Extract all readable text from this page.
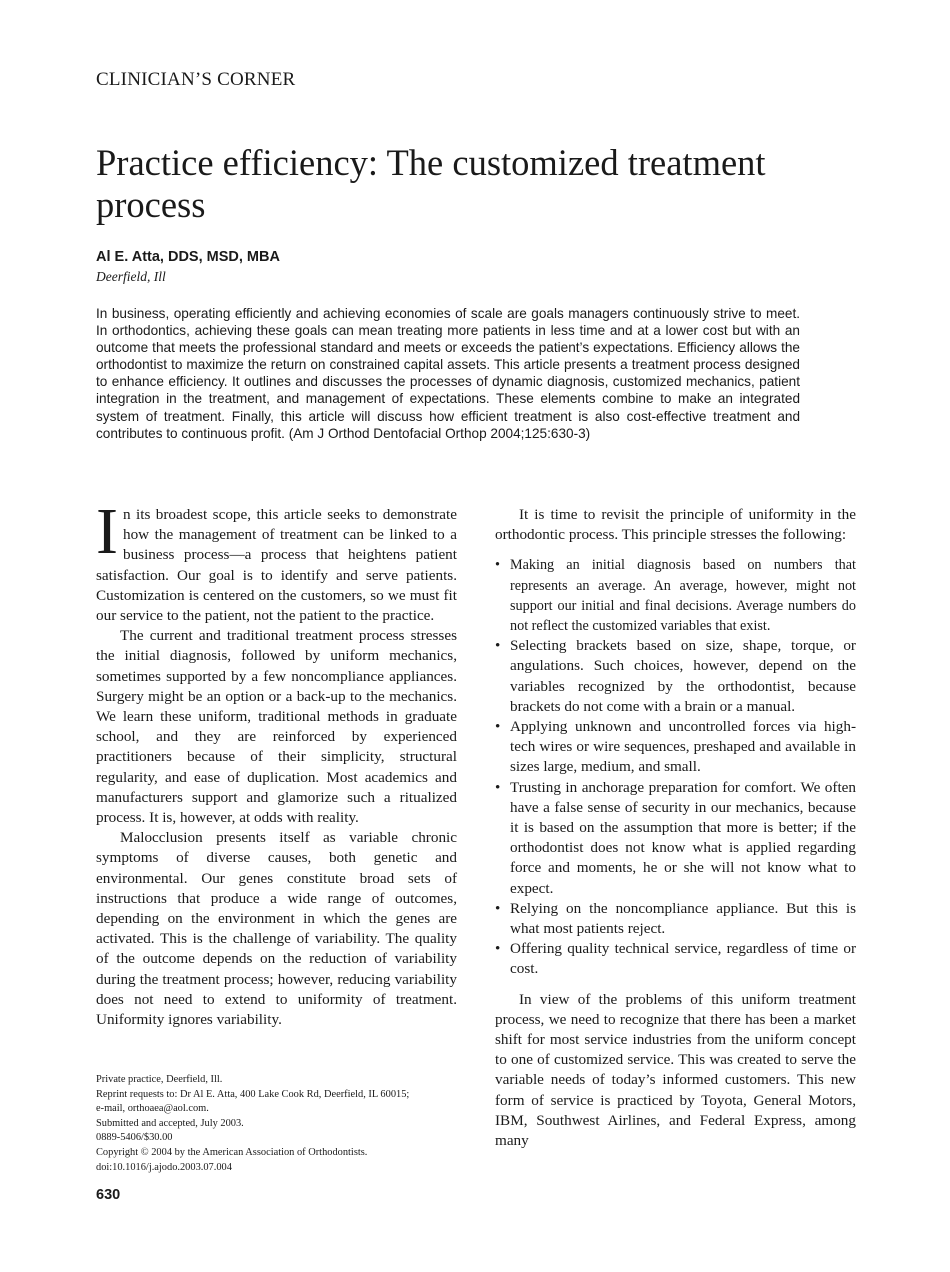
CLINICIAN’S CORNER
Practice efficiency: The customized treatment process
Al E. Atta, DDS, MSD, MBA
Deerfield, Ill

In business, operating efficiently and achieving economies of scale are goals managers continuously strive to meet. In orthodontics, achieving these goals can mean treating more patients in less time and at a lower cost but with an outcome that meets the professional standard and meets or exceeds the patient’s expectations. Efficiency allows the orthodontist to maximize the return on constrained capital assets. This article presents a treatment process designed to enhance efficiency. It outlines and discusses the processes of dynamic diagnosis, customized mechanics, patient integration in the treatment, and management of expectations. These elements combine to make an integrated system of treatment. Finally, this article will discuss how efficient treatment is also cost-effective treatment and contributes to continuous profit. (Am J Orthod Dentofacial Orthop 2004;125:630-3)

In its broadest scope, this article seeks to demonstrate how the management of treatment can be linked to a business process—a process that heightens patient satisfaction. Our goal is to identify and serve patients. Customization is centered on the customers, so we must fit our service to the patient, not the patient to the practice.

The current and traditional treatment process stresses the initial diagnosis, followed by uniform mechanics, sometimes supported by a few noncompliance appliances. Surgery might be an option or a back-up to the mechanics. We learn these uniform, traditional methods in graduate school, and they are reinforced by experienced practitioners because of their simplicity, structural regularity, and ease of duplication. Most academics and manufacturers support and glamorize such a ritualized process. It is, however, at odds with reality.

Malocclusion presents itself as variable chronic symptoms of diverse causes, both genetic and environmental. Our genes constitute broad sets of instructions that produce a wide range of outcomes, depending on the environment in which the genes are activated. This is the challenge of variability. The quality of the outcome depends on the reduction of variability during the treatment process; however, reducing variability does not need to extend to uniformity of treatment. Uniformity ignores variability.

It is time to revisit the principle of uniformity in the orthodontic process. This principle stresses the following:

• Making an initial diagnosis based on numbers that represents an average. An average, however, might not support our initial and final decisions. Average numbers do not reflect the customized variables that exist.
• Selecting brackets based on size, shape, torque, or angulations. Such choices, however, depend on the variables recognized by the orthodontist, because brackets do not come with a brain or a manual.
• Applying unknown and uncontrolled forces via high-tech wires or wire sequences, preshaped and available in sizes large, medium, and small.
• Trusting in anchorage preparation for comfort. We often have a false sense of security in our mechanics, because it is based on the assumption that more is better; if the orthodontist does not know what is applied regarding force and moments, he or she will not know what to expect.
• Relying on the noncompliance appliance. But this is what most patients reject.
• Offering quality technical service, regardless of time or cost.

In view of the problems of this uniform treatment process, we need to recognize that there has been a market shift for most service industries from the uniform concept to one of customized service. This was created to serve the variable needs of today’s informed customers. This new form of service is practiced by Toyota, General Motors, IBM, Southwest Airlines, and Federal Express, among many

Private practice, Deerfield, Ill.
Reprint requests to: Dr Al E. Atta, 400 Lake Cook Rd, Deerfield, IL 60015;
e-mail, orthoaea@aol.com.
Submitted and accepted, July 2003.
0889-5406/$30.00
Copyright © 2004 by the American Association of Orthodontists.
doi:10.1016/j.ajodo.2003.07.004
630
